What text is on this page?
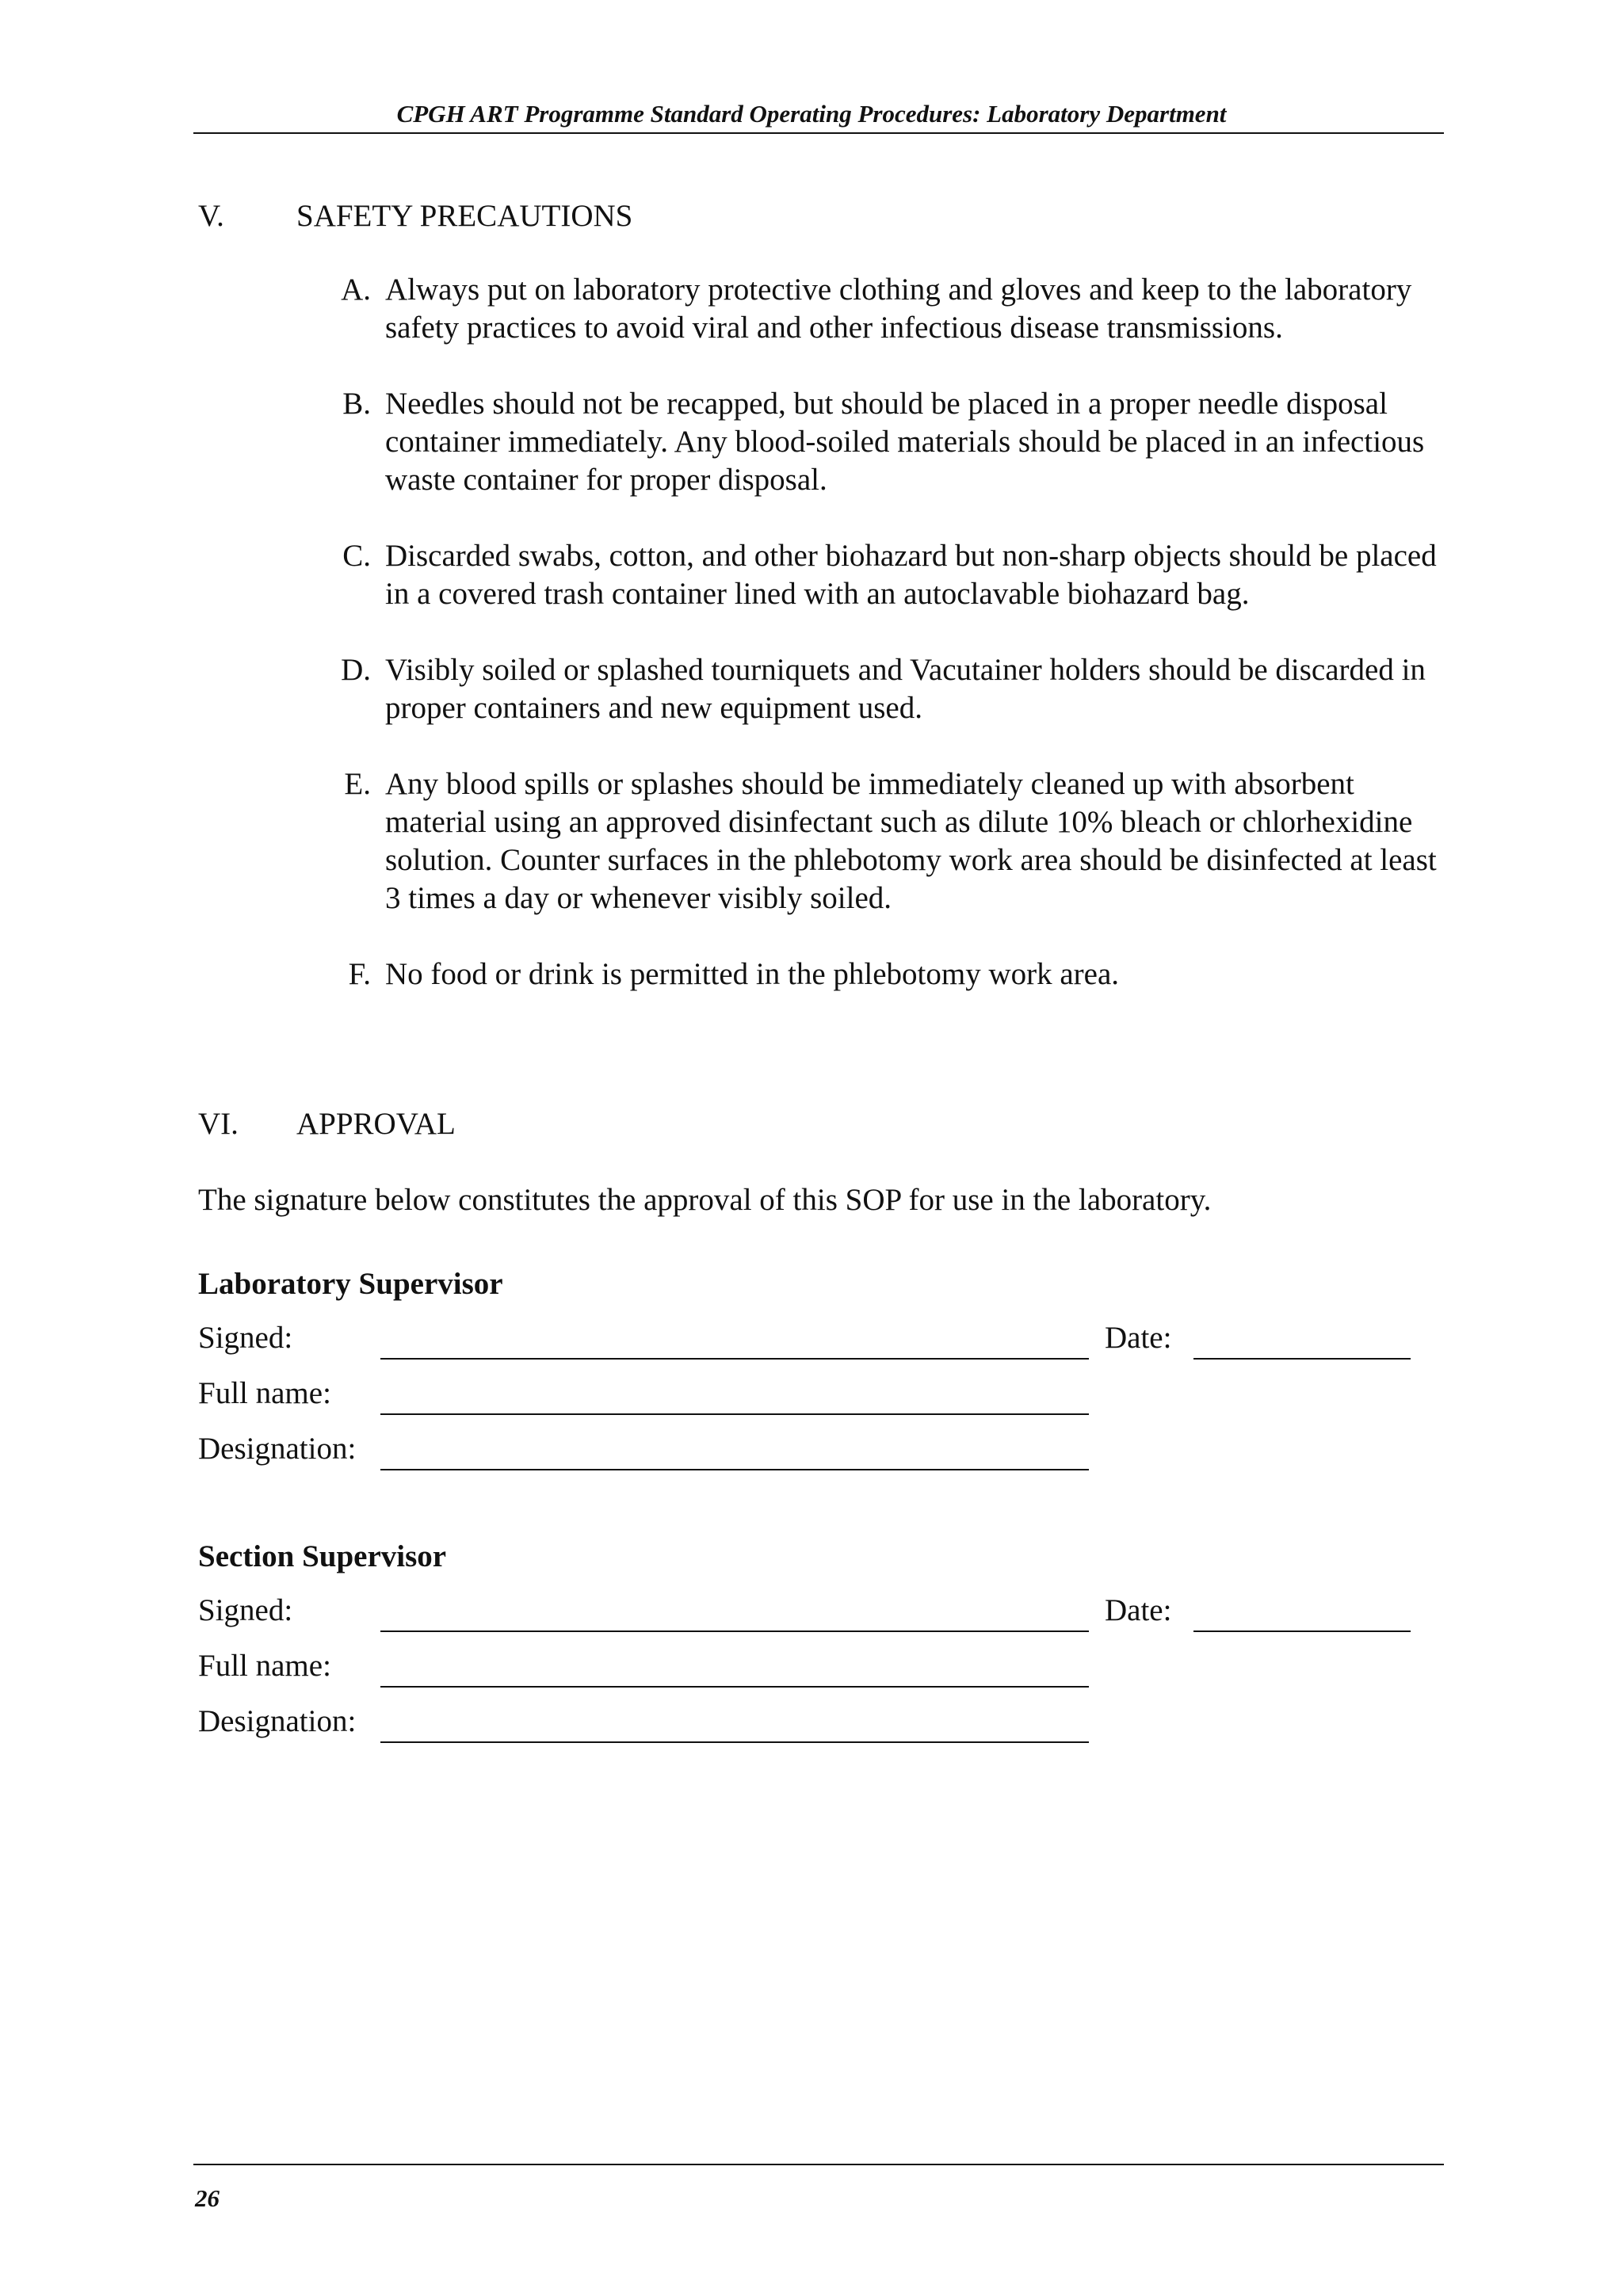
CPGH ART Programme Standard Operating Procedures: Laboratory Department
V. SAFETY PRECAUTIONS
A. Always put on laboratory protective clothing and gloves and keep to the laboratory safety practices to avoid viral and other infectious disease transmissions.
B. Needles should not be recapped, but should be placed in a proper needle disposal container immediately. Any blood-soiled materials should be placed in an infectious waste container for proper disposal.
C. Discarded swabs, cotton, and other biohazard but non-sharp objects should be placed in a covered trash container lined with an autoclavable biohazard bag.
D. Visibly soiled or splashed tourniquets and Vacutainer holders should be discarded in proper containers and new equipment used.
E. Any blood spills or splashes should be immediately cleaned up with absorbent material using an approved disinfectant such as dilute 10% bleach or chlorhexidine solution. Counter surfaces in the phlebotomy work area should be disinfected at least 3 times a day or whenever visibly soiled.
F. No food or drink is permitted in the phlebotomy work area.
VI. APPROVAL
The signature below constitutes the approval of this SOP for use in the laboratory.
Laboratory Supervisor
Signed:	Date:
Full name:
Designation:
Section Supervisor
Signed:	Date:
Full name:
Designation:
26
